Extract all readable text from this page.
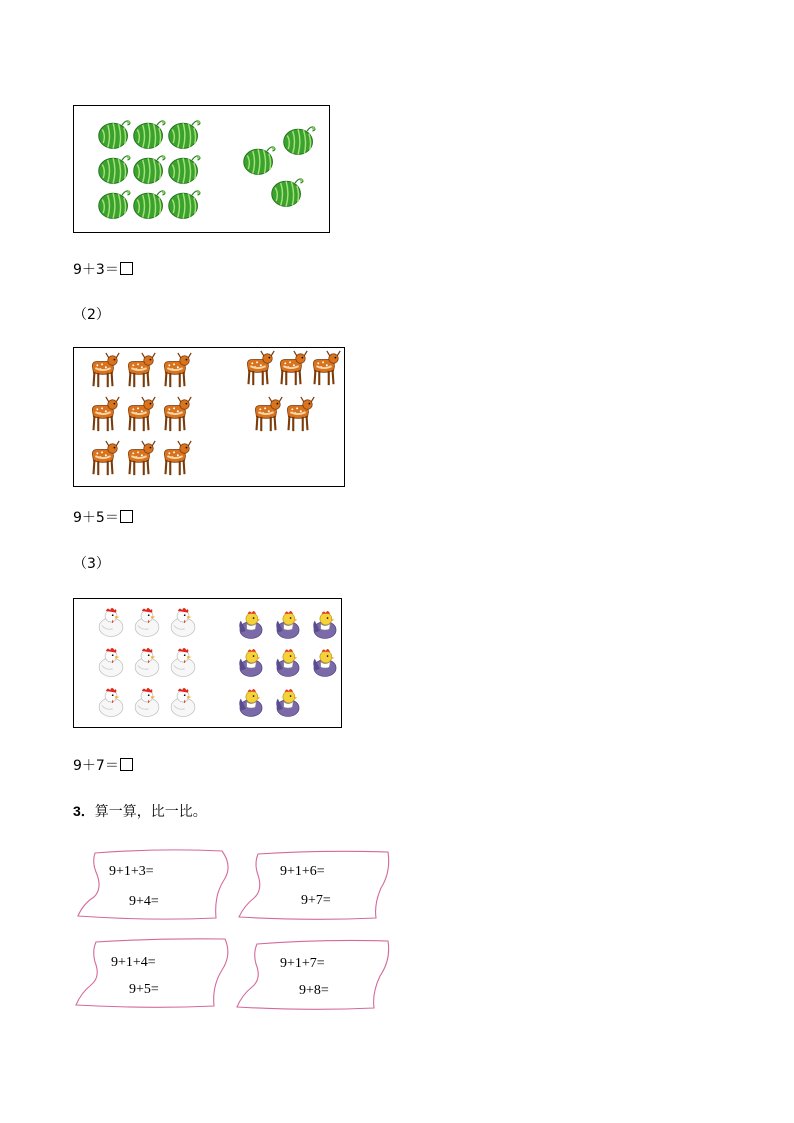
9＋3＝
（2）
9＋5＝
（3）
9＋7＝
3．算一算，比一比。
9+1+3=
9+4=
9+1+6=
9+7=
9+1+4=
9+5=
9+1+7=
9+8=
